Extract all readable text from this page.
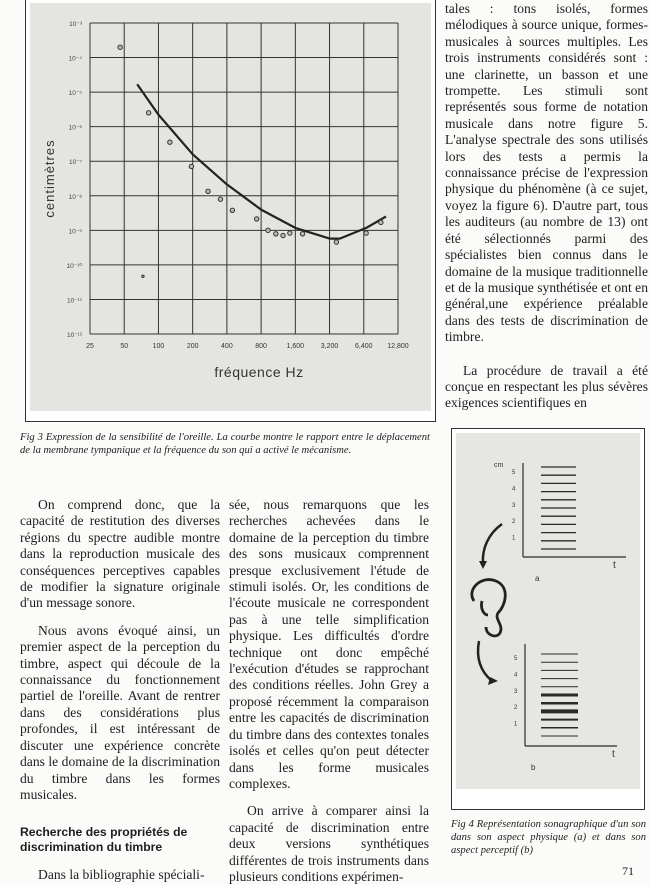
25	50	100	200	400	800	1,600 3,200 6,400 12,800
10⁻³
10⁻⁴
10⁻⁵
10⁻⁶
10⁻⁷
10⁻⁸
10⁻⁹
10⁻¹⁰
10⁻¹¹
10⁻¹²
fréquence Hz
centimètres

tales : tons isolés, formes mélodiques à source unique, formes-musicales à sources multiples. Les trois instruments considérés sont : une clarinette, un basson et une trompette. Les stimuli sont représentés sous forme de notation musicale dans notre figure 5. L'analyse spectrale des sons utilisés lors des tests a permis la connaissance précise de l'expression physique du phénomène (à ce sujet, voyez la figure 6). D'autre part, tous les auditeurs (au nombre de 13) ont été sélectionnés parmi des spécialistes bien connus dans le domaine de la musique traditionnelle et de la musique synthétisée et ont en général,une expérience préalable dans des tests de discrimination de timbre.

La procédure de travail a été conçue en respectant les plus sévères exigences scientifiques en

Fig 3 Expression de la sensibilité de l'oreille. La courbe montre le rapport entre le déplacement de la membrane tympanique et la fréquence du son qui a activé le mécanisme.

On comprend donc, que la capacité de restitution des diverses régions du spectre audible montre dans la reproduction musicale des conséquences perceptives capables de modifier la signature originale d'un message sonore.

Nous avons évoqué ainsi, un premier aspect de la perception du timbre, aspect qui découle de la connaissance du fonctionnement partiel de l'oreille. Avant de rentrer dans des considérations plus profondes, il est intéressant de discuter une expérience concrète dans le domaine de la discrimination du timbre dans les formes musicales.

Recherche des propriétés de discrimination du timbre

Dans la bibliographie spéciali-

sée, nous remarquons que les recherches achevées dans le domaine de la perception du timbre des sons musicaux comprennent presque exclusivement l'étude de stimuli isolés. Or, les conditions de l'écoute musicale ne correspondent pas à une telle simplification physique. Les difficultés d'ordre technique ont donc empêché l'exécution d'études se rapprochant des conditions réelles. John Grey a proposé récemment la comparaison entre les capacités de discrimination du timbre dans des contextes tonales isolés et celles qu'on peut détecter dans les forme musicales complexes.

On arrive à comparer ainsi la capacité de discrimination entre deux versions synthétiques différentes de trois instruments dans plusieurs conditions expérimen-

cm
t
a
5
4
3
2
1
t
b
5
4
3
2
1
Fig 4 Représentation sonagraphique d'un son dans son aspect physique (a) et dans son aspect perceptif (b)
71
